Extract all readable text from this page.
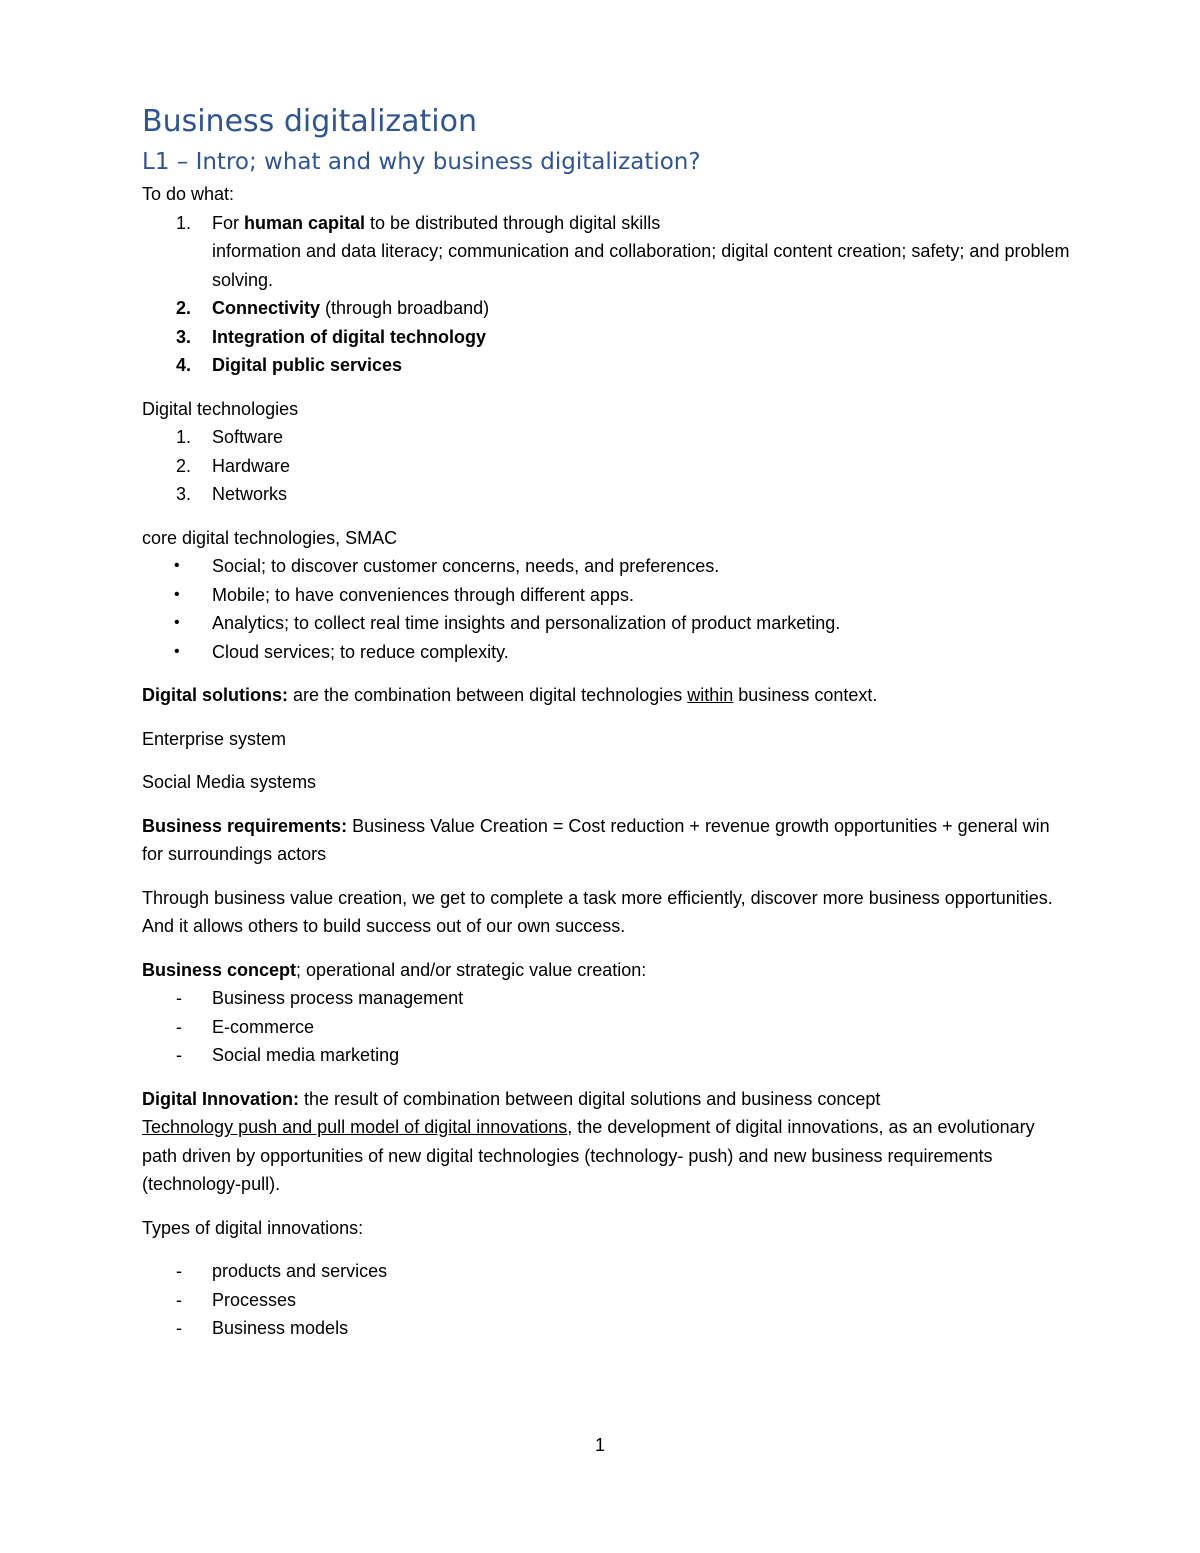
Business digitalization
L1 – Intro; what and why business digitalization?

To do what:

1. For human capital to be distributed through digital skills
information and data literacy; communication and collaboration; digital content creation; safety; and problem solving.
2. Connectivity (through broadband)
3. Integration of digital technology
4. Digital public services

Digital technologies

1. Software
2. Hardware
3. Networks

core digital technologies, SMAC

• Social; to discover customer concerns, needs, and preferences.
• Mobile; to have conveniences through different apps.
• Analytics; to collect real time insights and personalization of product marketing.
• Cloud services; to reduce complexity.

Digital solutions: are the combination between digital technologies within business context.

Enterprise system

Social Media systems

Business requirements: Business Value Creation = Cost reduction + revenue growth opportunities + general win for surroundings actors

Through business value creation, we get to complete a task more efficiently, discover more business opportunities. And it allows others to build success out of our own success.

Business concept; operational and/or strategic value creation:

- Business process management
- E-commerce
- Social media marketing

Digital Innovation: the result of combination between digital solutions and business concept
Technology push and pull model of digital innovations, the development of digital innovations, as an evolutionary path driven by opportunities of new digital technologies (technology- push) and new business requirements (technology-pull).

Types of digital innovations:

- products and services
- Processes
- Business models
1
